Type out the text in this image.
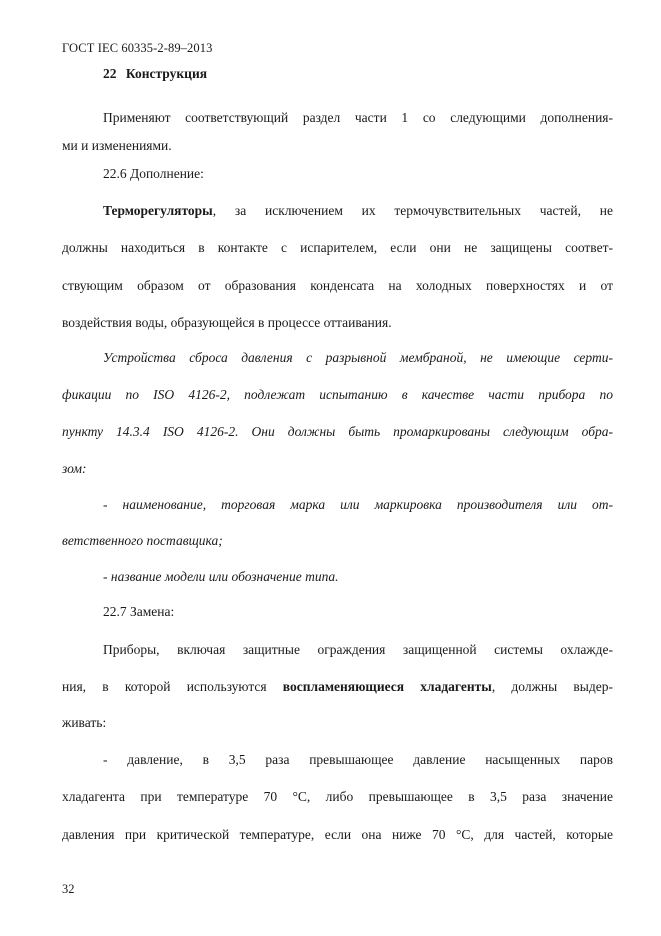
ГОСТ IEC 60335-2-89–2013
22 Конструкция
Применяют соответствующий раздел части 1 со следующими дополнения-
ми и изменениями.
22.6 Дополнение:
Терморегуляторы, за исключением их термочувствительных частей, не
должны находиться в контакте с испарителем, если они не защищены соответ-
ствующим образом от образования конденсата на холодных поверхностях и от
воздействия воды, образующейся в процессе оттаивания.
Устройства сброса давления с разрывной мембраной, не имеющие серти-
фикации по ISO 4126-2, подлежат испытанию в качестве части прибора по
пункту 14.3.4 ISO 4126-2. Они должны быть промаркированы следующим обра-
зом:
- наименование, торговая марка или маркировка производителя или от-
ветственного поставщика;
- название модели или обозначение типа.
22.7 Замена:
Приборы, включая защитные ограждения защищенной системы охлажде-
ния, в которой используются воспламеняющиеся хладагенты, должны выдер-
живать:
- давление, в 3,5 раза превышающее давление насыщенных паров
хладагента при температуре 70 °С, либо превышающее в 3,5 раза значение
давления при критической температуре, если она ниже 70 °С, для частей, которые
32
